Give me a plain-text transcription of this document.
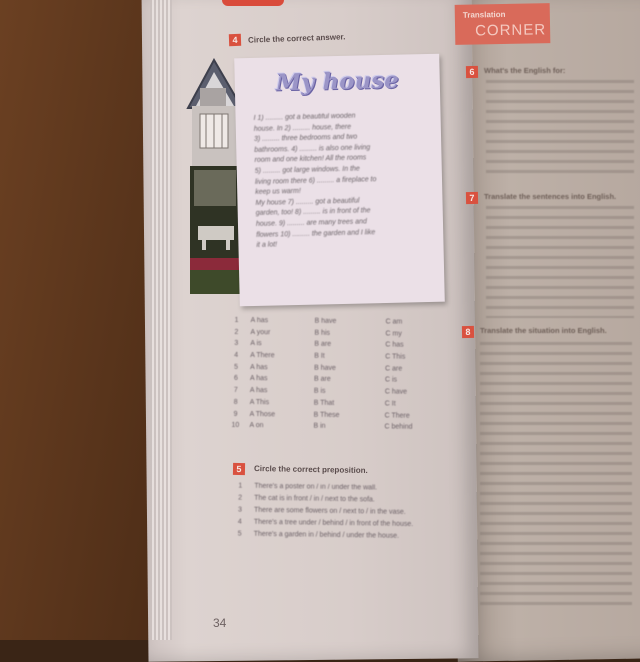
4	Circle the correct answer.
My house
I 1) ......... got a beautiful wooden
house. In 2) ......... house, there
3) ......... three bedrooms and two
bathrooms. 4) ......... is also one living
room and one kitchen! All the rooms
5) ......... got large windows. In the
living room there 6) ......... a fireplace to
keep us warm!
My house 7) ......... got a beautiful
garden, too! 8) ......... is in front of the
house. 9) ......... are many trees and
flowers 10) ......... the garden and I like
it a lot!
1 A has	B have	C am
2 A your	B his	C my
3 A is	B are	C has
4 A There	B It	C This
5 A has	B have	C are
6 A has	B are	C is
7 A has	B is	C have
8 A This	B That	C It
9 A Those	B These	C There
10 A on	B in	C behind
5	Circle the correct preposition.
1 There's a poster on / in / under the wall.
2 The cat is in front / in / next to the sofa.
3 There are some flowers on / next to / in the vase.
4 There's a tree under / behind / in front of the house.
5 There's a garden in / behind / under the house.
34
Translation
CORNER
6	What's the English for:
7	Translate the sentences into English.
8	Translate the situation into English.
